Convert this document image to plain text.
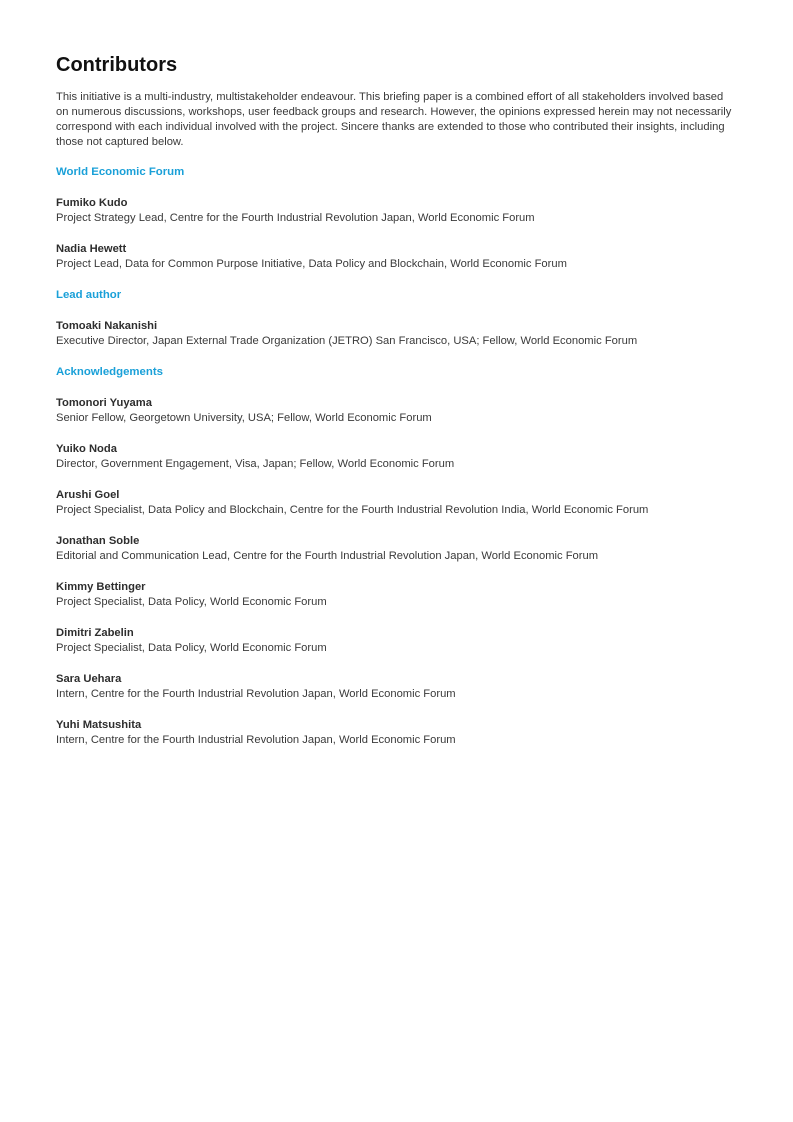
Contributors

This initiative is a multi-industry, multistakeholder endeavour. This briefing paper is a combined effort of all stakeholders involved based on numerous discussions, workshops, user feedback groups and research. However, the opinions expressed herein may not necessarily correspond with each individual involved with the project. Sincere thanks are extended to those who contributed their insights, including those not captured below.

World Economic Forum
Fumiko Kudo
Project Strategy Lead, Centre for the Fourth Industrial Revolution Japan, World Economic Forum
Nadia Hewett
Project Lead, Data for Common Purpose Initiative, Data Policy and Blockchain, World Economic Forum
Lead author
Tomoaki Nakanishi
Executive Director, Japan External Trade Organization (JETRO) San Francisco, USA; Fellow, World Economic Forum
Acknowledgements
Tomonori Yuyama
Senior Fellow, Georgetown University, USA; Fellow, World Economic Forum
Yuiko Noda
Director, Government Engagement, Visa, Japan; Fellow, World Economic Forum
Arushi Goel
Project Specialist, Data Policy and Blockchain, Centre for the Fourth Industrial Revolution India, World Economic Forum
Jonathan Soble
Editorial and Communication Lead, Centre for the Fourth Industrial Revolution Japan, World Economic Forum
Kimmy Bettinger
Project Specialist, Data Policy, World Economic Forum
Dimitri Zabelin
Project Specialist, Data Policy, World Economic Forum
Sara Uehara
Intern, Centre for the Fourth Industrial Revolution Japan, World Economic Forum
Yuhi Matsushita
Intern, Centre for the Fourth Industrial Revolution Japan, World Economic Forum
